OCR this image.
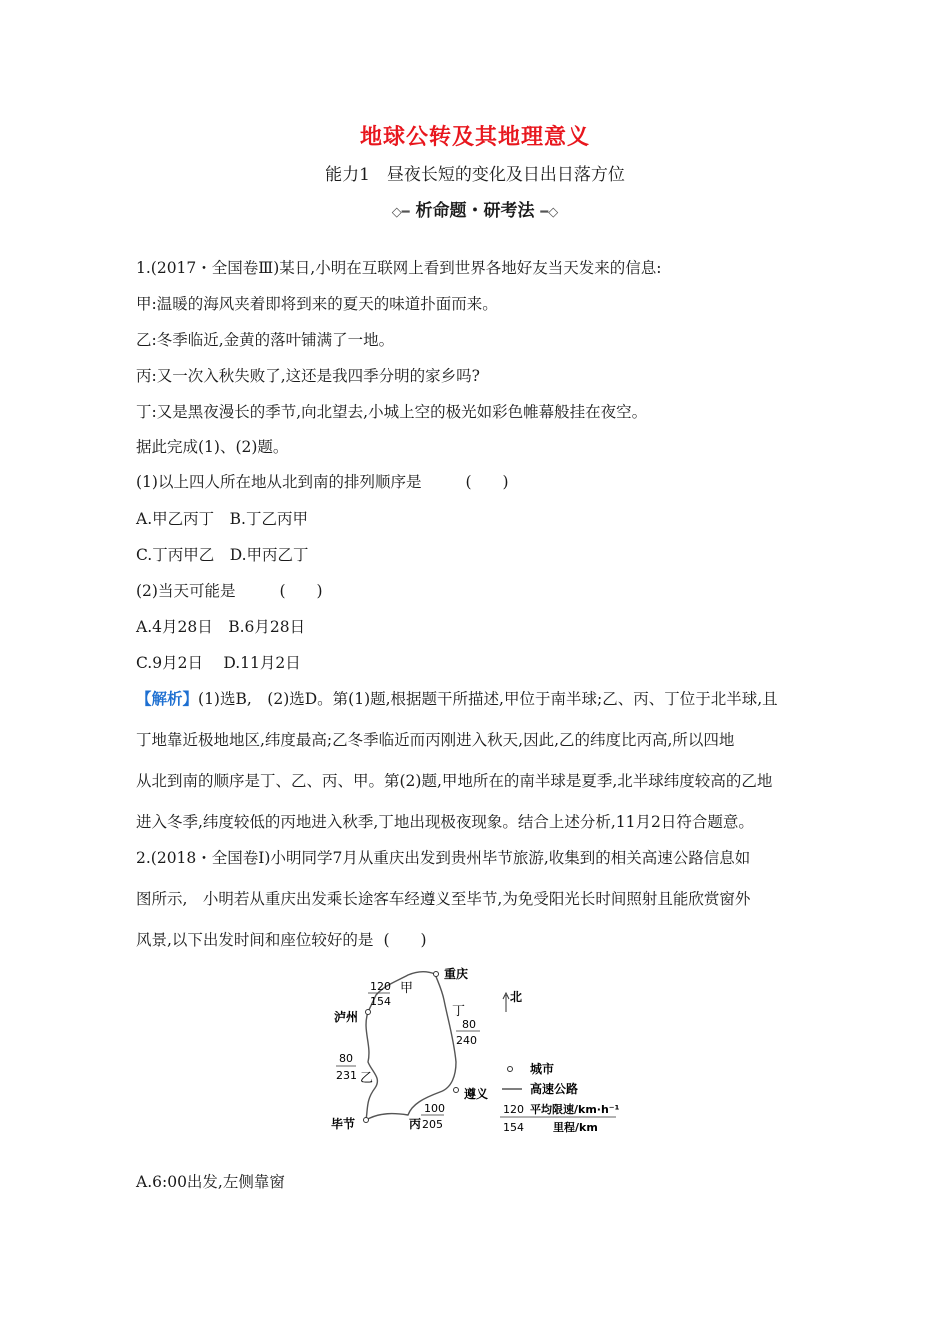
地球公转及其地理意义
能力1　昼夜长短的变化及日出日落方位
◇━ 析命题・研考法 ━◇
1.(2017・全国卷Ⅲ)某日,小明在互联网上看到世界各地好友当天发来的信息:
甲:温暖的海风夹着即将到来的夏天的味道扑面而来。
乙:冬季临近,金黄的落叶铺满了一地。
丙:又一次入秋失败了,这还是我四季分明的家乡吗?
丁:又是黑夜漫长的季节,向北望去,小城上空的极光如彩色帷幕般挂在夜空。
据此完成(1)、(2)题。
(1)以上四人所在地从北到南的排列顺序是	(　　)
A.甲乙丙丁　B.丁乙丙甲
C.丁丙甲乙　D.甲丙乙丁
(2)当天可能是	(　　)
A.4月28日　B.6月28日
C.9月2日　 D.11月2日
【解析】(1)选B,　(2)选D。第(1)题,根据题干所描述,甲位于南半球;乙、丙、丁位于北半球,且
丁地靠近极地地区,纬度最高;乙冬季临近而丙刚进入秋天,因此,乙的纬度比丙高,所以四地
从北到南的顺序是丁、乙、丙、甲。第(2)题,甲地所在的南半球是夏季,北半球纬度较高的乙地
进入冬季,纬度较低的丙地进入秋季,丁地出现极夜现象。结合上述分析,11月2日符合题意。
2.(2018・全国卷Ⅰ)小明同学7月从重庆出发到贵州毕节旅游,收集到的相关高速公路信息如
图所示,　小明若从重庆出发乘长途客车经遵义至毕节,为免受阳光长时间照射且能欣赏窗外
风景,以下出发时间和座位较好的是 (　　)
重庆
泸州
毕节
遵义
甲
120
154
丁
80
240
乙
80
231
丙
100
205
北
城市
高速公路
120 平均限速/km·h⁻¹
154	里程/km
A.6:00出发,左侧靠窗
